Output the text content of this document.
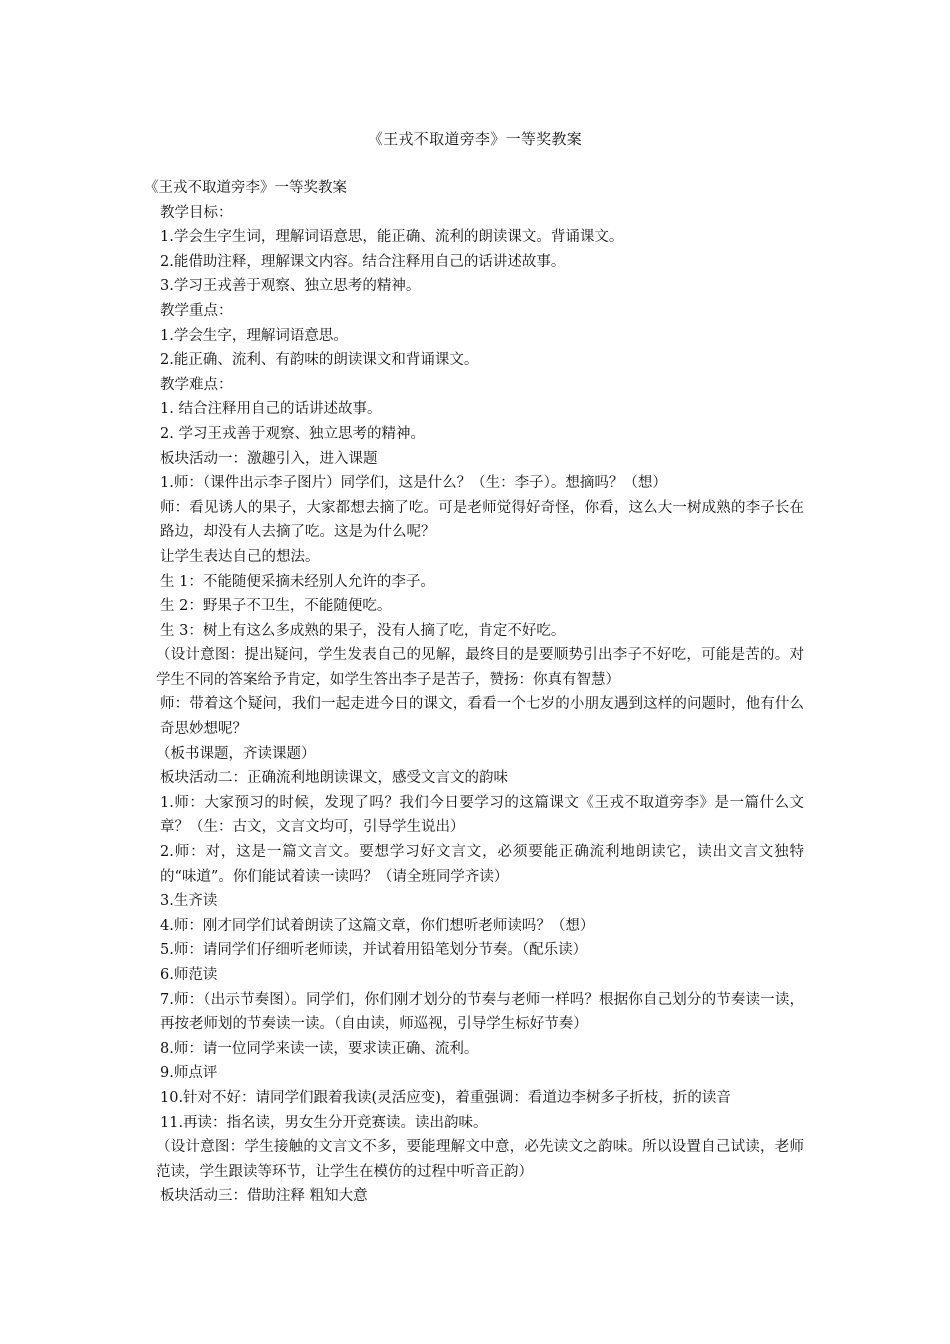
《王戎不取道旁李》一等奖教案
《王戎不取道旁李》一等奖教案
教学目标：
1.学会生字生词，理解词语意思，能正确、流利的朗读课文。背诵课文。
2.能借助注释，理解课文内容。结合注释用自己的话讲述故事。
3.学习王戎善于观察、独立思考的精神。
教学重点：
1.学会生字，理解词语意思。
2.能正确、流利、有韵味的朗读课文和背诵课文。
教学难点：
1. 结合注释用自己的话讲述故事。
2. 学习王戎善于观察、独立思考的精神。
板块活动一：激趣引入，进入课题
1.师：（课件出示李子图片）同学们，这是什么？（生：李子）。想摘吗？（想）
师：看见诱人的果子，大家都想去摘了吃。可是老师觉得好奇怪，你看，这么大一树成熟的李子长在路边，却没有人去摘了吃。这是为什么呢？
让学生表达自己的想法。
生 1：不能随便采摘未经别人允许的李子。
生 2：野果子不卫生，不能随便吃。
生 3：树上有这么多成熟的果子，没有人摘了吃，肯定不好吃。
（设计意图：提出疑问，学生发表自己的见解，最终目的是要顺势引出李子不好吃，可能是苦的。对学生不同的答案给予肯定，如学生答出李子是苦子，赞扬：你真有智慧）
师：带着这个疑问，我们一起走进今日的课文，看看一个七岁的小朋友遇到这样的问题时，他有什么奇思妙想呢？
（板书课题，齐读课题）
板块活动二：正确流利地朗读课文，感受文言文的韵味
1.师：大家预习的时候，发现了吗？我们今日要学习的这篇课文《王戎不取道旁李》是一篇什么文章？（生：古文，文言文均可，引导学生说出）
2.师：对，这是一篇文言文。要想学习好文言文，必须要能正确流利地朗读它，读出文言文独特的“味道”。你们能试着读一读吗？（请全班同学齐读）
3.生齐读
4.师：刚才同学们试着朗读了这篇文章，你们想听老师读吗？（想）
5.师：请同学们仔细听老师读，并试着用铅笔划分节奏。（配乐读）
6.师范读
7.师：（出示节奏图）。同学们，你们刚才划分的节奏与老师一样吗？根据你自己划分的节奏读一读，再按老师划的节奏读一读。（自由读，师巡视，引导学生标好节奏）
8.师：请一位同学来读一读，要求读正确、流利。
9.师点评
10.针对不好：请同学们跟着我读(灵活应变)，着重强调：看道边李树多子折枝，折的读音
11.再读：指名读，男女生分开竞赛读。读出韵味。
（设计意图：学生接触的文言文不多，要能理解文中意，必先读文之韵味。所以设置自己试读，老师范读，学生跟读等环节，让学生在模仿的过程中听音正韵）
板块活动三：借助注释 粗知大意
